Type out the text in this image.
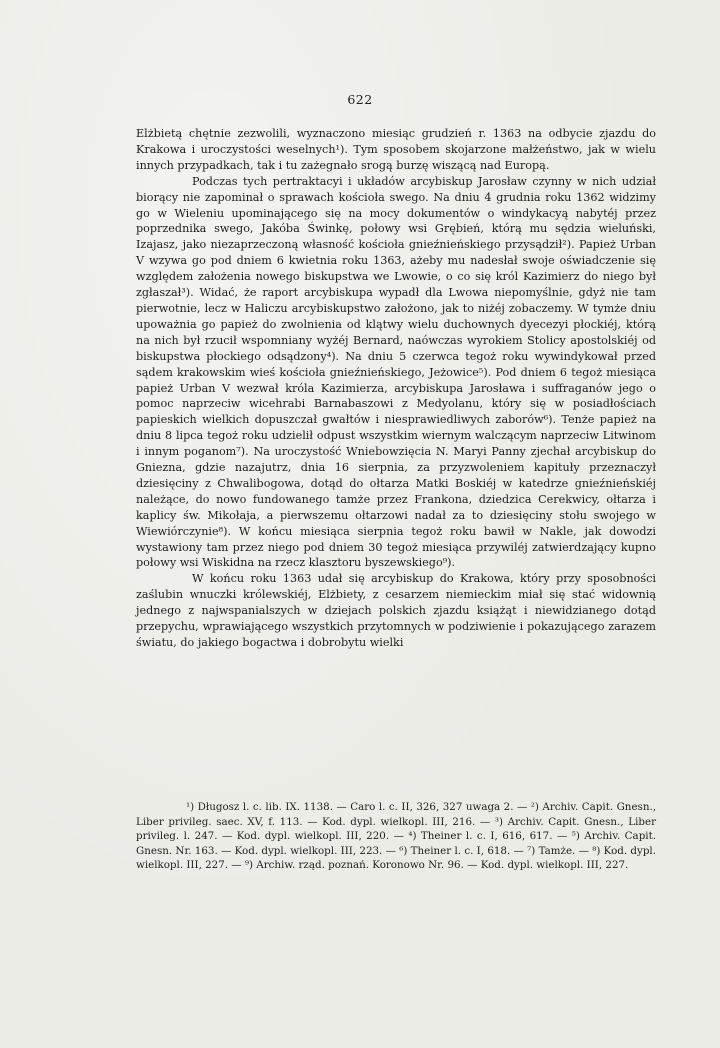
622

Elżbietą chętnie zezwolili, wyznaczono miesiąc grudzień r. 1363 na odbycie zjazdu do Krakowa i uroczystości weselnych¹). Tym sposobem skojarzone małżeństwo, jak w wielu innych przypadkach, tak i tu zażegnało srogą burzę wiszącą nad Europą.

Podczas tych pertraktacyi i układów arcybiskup Jarosław czynny w nich udział biorący nie zapominał o sprawach kościoła swego. Na dniu 4 grudnia roku 1362 widzimy go w Wieleniu upominającego się na mocy dokumentów o windykacyą nabytéj przez poprzednika swego, Jakóba Świnkę, połowy wsi Grębień, którą mu sędzia wieluński, Izajasz, jako niezaprzeczoną własność kościoła gnieźnieńskiego przysądził²). Papież Urban V wzywa go pod dniem 6 kwietnia roku 1363, ażeby mu nadesłał swoje oświadczenie się względem założenia nowego biskupstwa we Lwowie, o co się król Kazimierz do niego był zgłaszał³). Widać, że raport arcybiskupa wypadł dla Lwowa niepomyślnie, gdyż nie tam pierwotnie, lecz w Haliczu arcybiskupstwo założono, jak to niżéj zobaczemy. W tymże dniu upoważnia go papież do zwolnienia od klątwy wielu duchownych dyecezyi płockiéj, którą na nich był rzucił wspomniany wyżéj Bernard, naówczas wyrokiem Stolicy apostolskiéj od biskupstwa płockiego odsądzony⁴). Na dniu 5 czerwca tegoż roku wywindykował przed sądem krakowskim wieś kościoła gnieźnieńskiego, Jeżowice⁵). Pod dniem 6 tegoż miesiąca papież Urban V wezwał króla Kazimierza, arcybiskupa Jarosława i suffraganów jego o pomoc naprzeciw wicehrabi Barnabaszowi z Medyolanu, który się w posiadłościach papieskich wielkich dopuszczał gwałtów i niesprawiedliwych zaborów⁶). Tenże papież na dniu 8 lipca tegoż roku udzielił odpust wszystkim wiernym walczącym naprzeciw Litwinom i innym poganom⁷). Na uroczystość Wniebowzięcia N. Maryi Panny zjechał arcybiskup do Gniezna, gdzie nazajutrz, dnia 16 sierpnia, za przyzwoleniem kapituły przeznaczył dziesięciny z Chwalibogowa, dotąd do ołtarza Matki Boskiéj w katedrze gnieźnieńskiéj należące, do nowo fundowanego tamże przez Frankona, dziedzica Cerekwicy, ołtarza i kaplicy św. Mikołaja, a pierwszemu ołtarzowi nadał za to dziesięciny stołu swojego w Wiewiórczynie⁸). W końcu miesiąca sierpnia tegoż roku bawił w Nakle, jak dowodzi wystawiony tam przez niego pod dniem 30 tegoż miesiąca przywiléj zatwierdzający kupno połowy wsi Wiskidna na rzecz klasztoru byszewskiego⁹).

W końcu roku 1363 udał się arcybiskup do Krakowa, który przy sposobności zaślubin wnuczki królewskiéj, Elżbiety, z cesarzem niemieckim miał się stać widownią jednego z najwspanialszych w dziejach polskich zjazdu książąt i niewidzianego dotąd przepychu, wprawiającego wszystkich przytomnych w podziwienie i pokazującego zarazem światu, do jakiego bogactwa i dobrobytu wielki

¹) Długosz l. c. lib. IX. 1138. — Caro l. c. II, 326, 327 uwaga 2. — ²) Archiv. Capit. Gnesn., Liber privileg. saec. XV, f. 113. — Kod. dypl. wielkopl. III, 216. — ³) Archiv. Capit. Gnesn., Liber privileg. l. 247. — Kod. dypl. wielkopl. III, 220. — ⁴) Theiner l. c. I, 616, 617. — ⁵) Archiv. Capit. Gnesn. Nr. 163. — Kod. dypl. wielkopl. III, 223. — ⁶) Theiner l. c. I, 618. — ⁷) Tamże. — ⁸) Kod. dypl. wielkopl. III, 227. — ⁹) Archiw. rząd. poznań. Koronowo Nr. 96. — Kod. dypl. wielkopl. III, 227.
